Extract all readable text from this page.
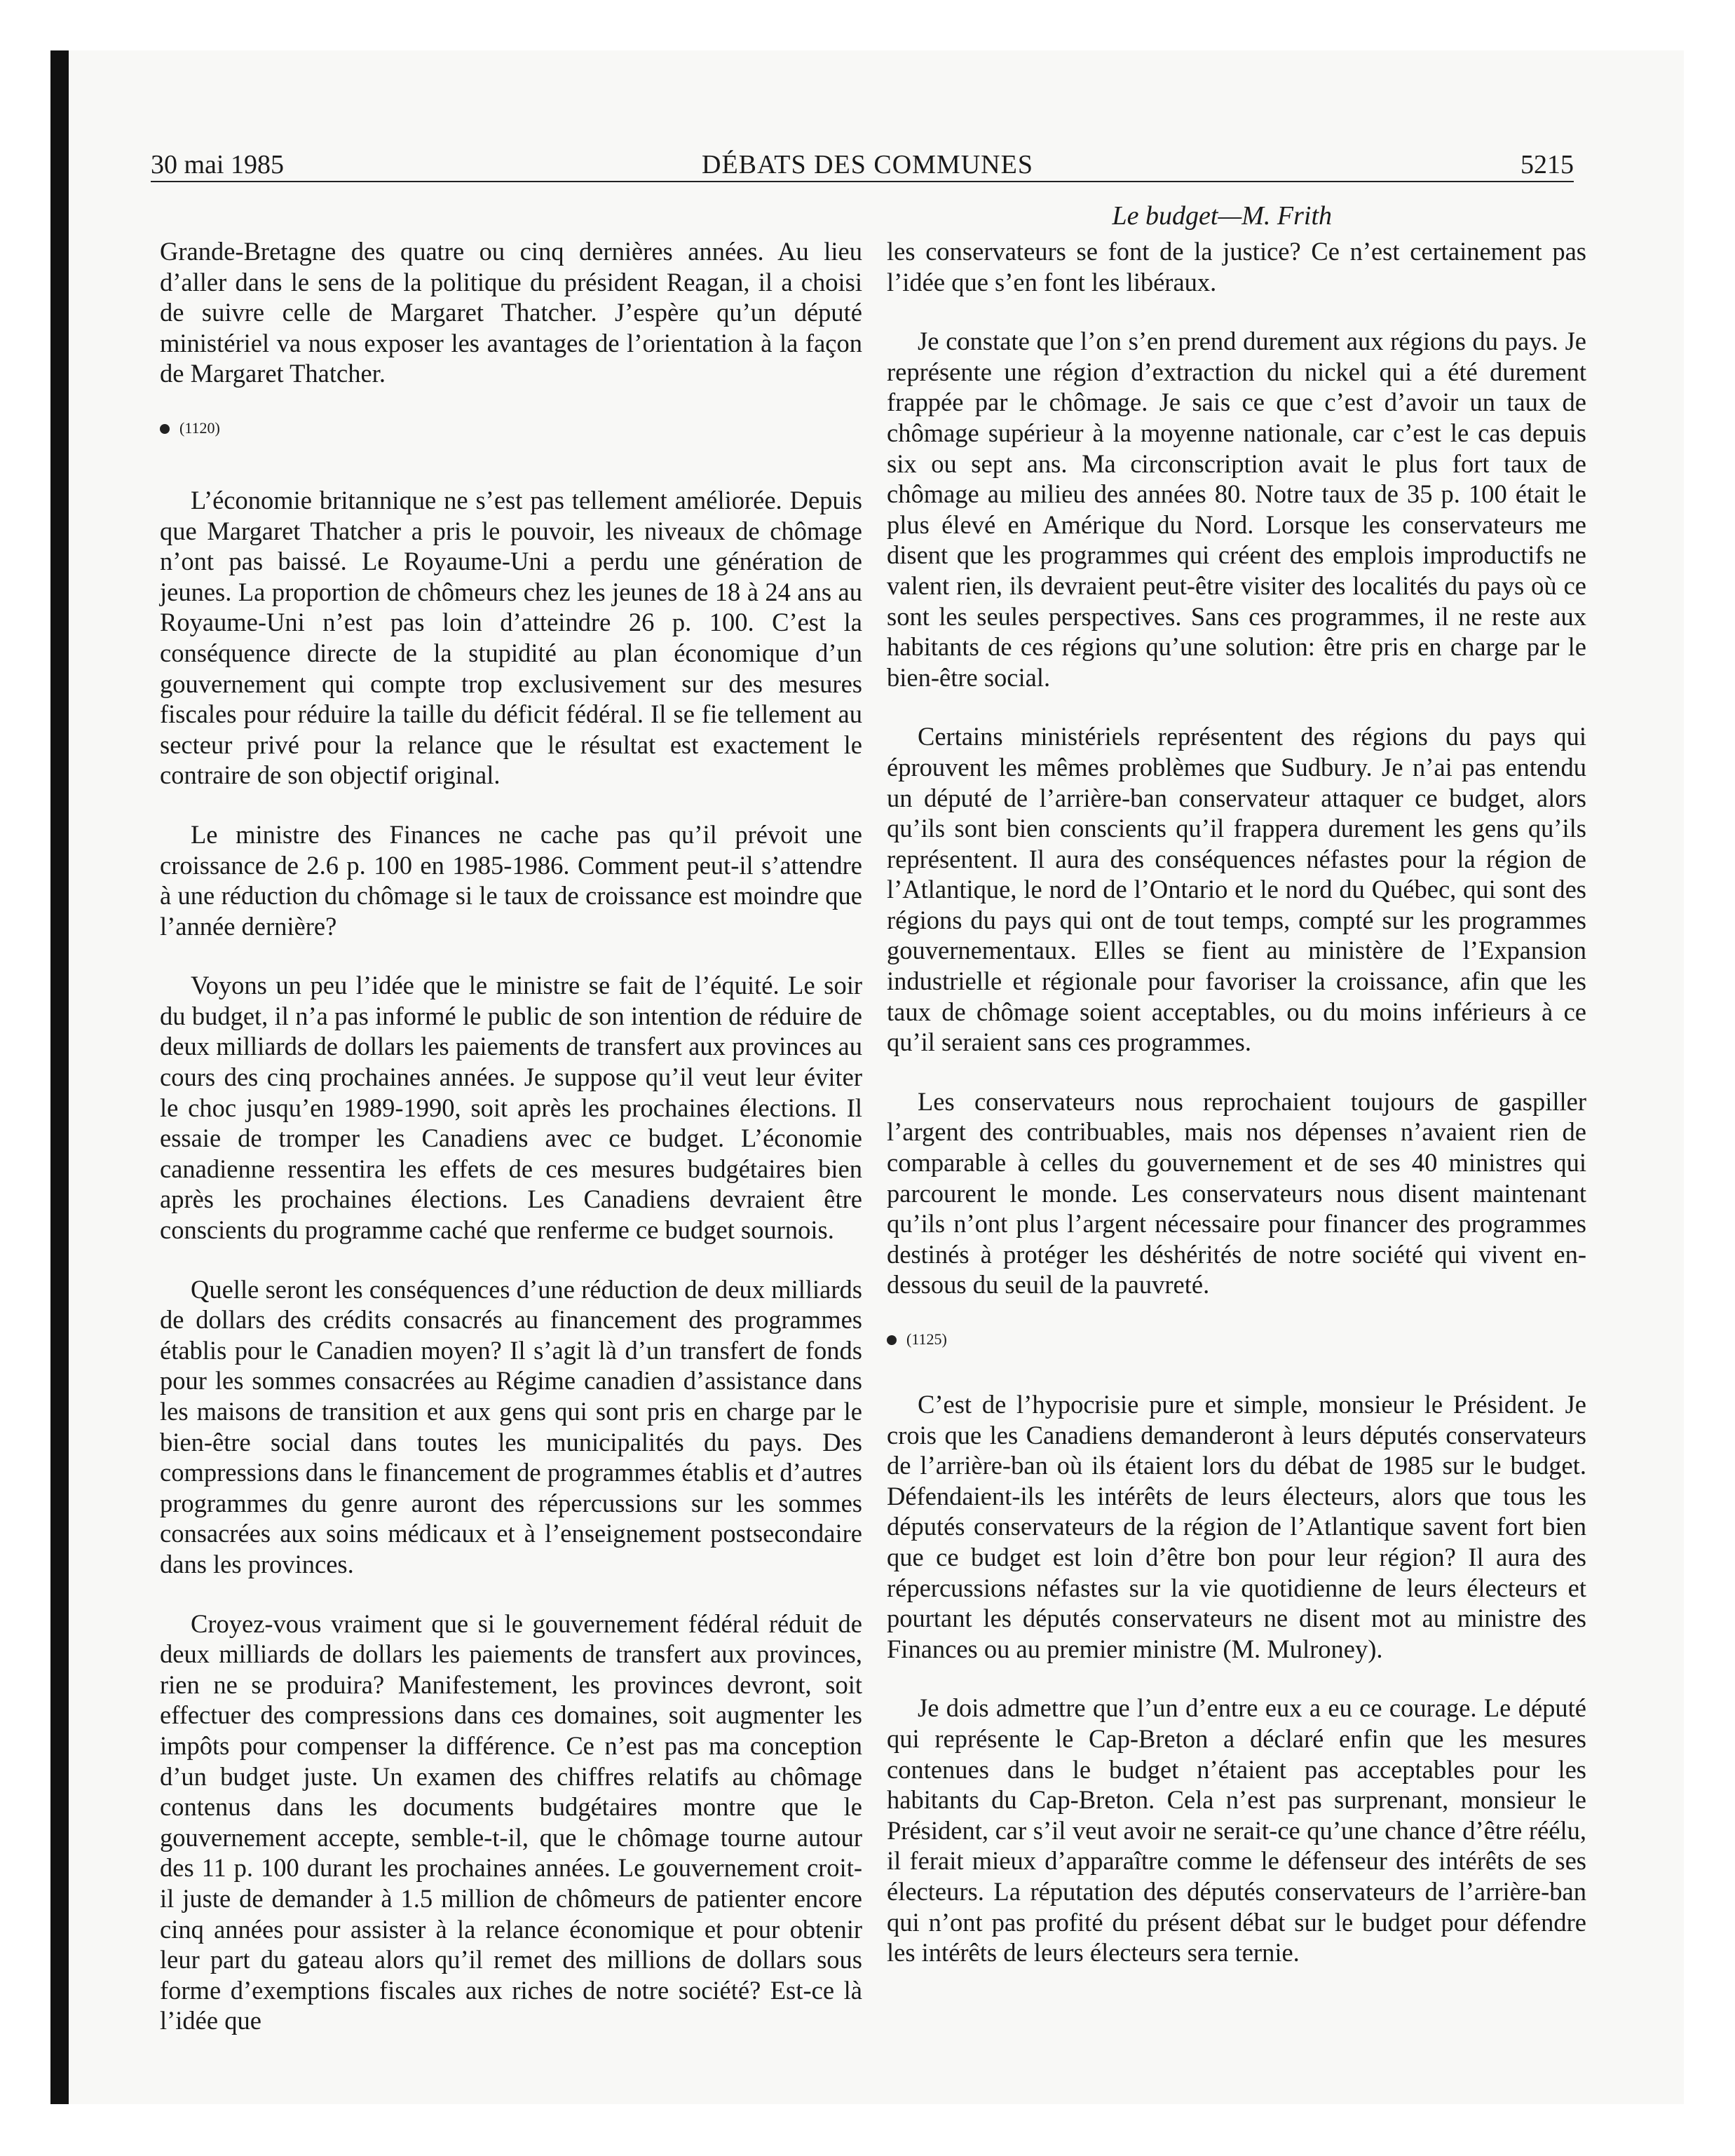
30 mai 1985	DÉBATS DES COMMUNES	5215
Le budget—M. Frith

Grande-Bretagne des quatre ou cinq dernières années. Au lieu d’aller dans le sens de la politique du président Reagan, il a choisi de suivre celle de Margaret Thatcher. J’espère qu’un député ministériel va nous exposer les avantages de l’orientation à la façon de Margaret Thatcher.

(1120)

L’économie britannique ne s’est pas tellement améliorée. Depuis que Margaret Thatcher a pris le pouvoir, les niveaux de chômage n’ont pas baissé. Le Royaume-Uni a perdu une génération de jeunes. La proportion de chômeurs chez les jeunes de 18 à 24 ans au Royaume-Uni n’est pas loin d’atteindre 26 p. 100. C’est la conséquence directe de la stupidité au plan économique d’un gouvernement qui compte trop exclusivement sur des mesures fiscales pour réduire la taille du déficit fédéral. Il se fie tellement au secteur privé pour la relance que le résultat est exactement le contraire de son objectif original.

Le ministre des Finances ne cache pas qu’il prévoit une croissance de 2.6 p. 100 en 1985-1986. Comment peut-il s’attendre à une réduction du chômage si le taux de croissance est moindre que l’année dernière?

Voyons un peu l’idée que le ministre se fait de l’équité. Le soir du budget, il n’a pas informé le public de son intention de réduire de deux milliards de dollars les paiements de transfert aux provinces au cours des cinq prochaines années. Je suppose qu’il veut leur éviter le choc jusqu’en 1989-1990, soit après les prochaines élections. Il essaie de tromper les Canadiens avec ce budget. L’économie canadienne ressentira les effets de ces mesures budgétaires bien après les prochaines élections. Les Canadiens devraient être conscients du programme caché que renferme ce budget sournois.

Quelle seront les conséquences d’une réduction de deux milliards de dollars des crédits consacrés au financement des programmes établis pour le Canadien moyen? Il s’agit là d’un transfert de fonds pour les sommes consacrées au Régime canadien d’assistance dans les maisons de transition et aux gens qui sont pris en charge par le bien-être social dans toutes les municipalités du pays. Des compressions dans le financement de programmes établis et d’autres programmes du genre auront des répercussions sur les sommes consacrées aux soins médicaux et à l’enseignement postsecondaire dans les provinces.

Croyez-vous vraiment que si le gouvernement fédéral réduit de deux milliards de dollars les paiements de transfert aux provinces, rien ne se produira? Manifestement, les provinces devront, soit effectuer des compressions dans ces domaines, soit augmenter les impôts pour compenser la différence. Ce n’est pas ma conception d’un budget juste. Un examen des chiffres relatifs au chômage contenus dans les documents budgétaires montre que le gouvernement accepte, semble-t-il, que le chômage tourne autour des 11 p. 100 durant les prochaines années. Le gouvernement croit-il juste de demander à 1.5 million de chômeurs de patienter encore cinq années pour assister à la relance économique et pour obtenir leur part du gateau alors qu’il remet des millions de dollars sous forme d’exemptions fiscales aux riches de notre société? Est-ce là l’idée que

les conservateurs se font de la justice? Ce n’est certainement pas l’idée que s’en font les libéraux.

Je constate que l’on s’en prend durement aux régions du pays. Je représente une région d’extraction du nickel qui a été durement frappée par le chômage. Je sais ce que c’est d’avoir un taux de chômage supérieur à la moyenne nationale, car c’est le cas depuis six ou sept ans. Ma circonscription avait le plus fort taux de chômage au milieu des années 80. Notre taux de 35 p. 100 était le plus élevé en Amérique du Nord. Lorsque les conservateurs me disent que les programmes qui créent des emplois improductifs ne valent rien, ils devraient peut-être visiter des localités du pays où ce sont les seules perspectives. Sans ces programmes, il ne reste aux habitants de ces régions qu’une solution: être pris en charge par le bien-être social.

Certains ministériels représentent des régions du pays qui éprouvent les mêmes problèmes que Sudbury. Je n’ai pas entendu un député de l’arrière-ban conservateur attaquer ce budget, alors qu’ils sont bien conscients qu’il frappera durement les gens qu’ils représentent. Il aura des conséquences néfastes pour la région de l’Atlantique, le nord de l’Ontario et le nord du Québec, qui sont des régions du pays qui ont de tout temps, compté sur les programmes gouvernementaux. Elles se fient au ministère de l’Expansion industrielle et régionale pour favoriser la croissance, afin que les taux de chômage soient acceptables, ou du moins inférieurs à ce qu’il seraient sans ces programmes.

Les conservateurs nous reprochaient toujours de gaspiller l’argent des contribuables, mais nos dépenses n’avaient rien de comparable à celles du gouvernement et de ses 40 ministres qui parcourent le monde. Les conservateurs nous disent maintenant qu’ils n’ont plus l’argent nécessaire pour financer des programmes destinés à protéger les déshérités de notre société qui vivent en-dessous du seuil de la pauvreté.

(1125)

C’est de l’hypocrisie pure et simple, monsieur le Président. Je crois que les Canadiens demanderont à leurs députés conservateurs de l’arrière-ban où ils étaient lors du débat de 1985 sur le budget. Défendaient-ils les intérêts de leurs électeurs, alors que tous les députés conservateurs de la région de l’Atlantique savent fort bien que ce budget est loin d’être bon pour leur région? Il aura des répercussions néfastes sur la vie quotidienne de leurs électeurs et pourtant les députés conservateurs ne disent mot au ministre des Finances ou au premier ministre (M. Mulroney).

Je dois admettre que l’un d’entre eux a eu ce courage. Le député qui représente le Cap-Breton a déclaré enfin que les mesures contenues dans le budget n’étaient pas acceptables pour les habitants du Cap-Breton. Cela n’est pas surprenant, monsieur le Président, car s’il veut avoir ne serait-ce qu’une chance d’être réélu, il ferait mieux d’apparaître comme le défenseur des intérêts de ses électeurs. La réputation des députés conservateurs de l’arrière-ban qui n’ont pas profité du présent débat sur le budget pour défendre les intérêts de leurs électeurs sera ternie.
